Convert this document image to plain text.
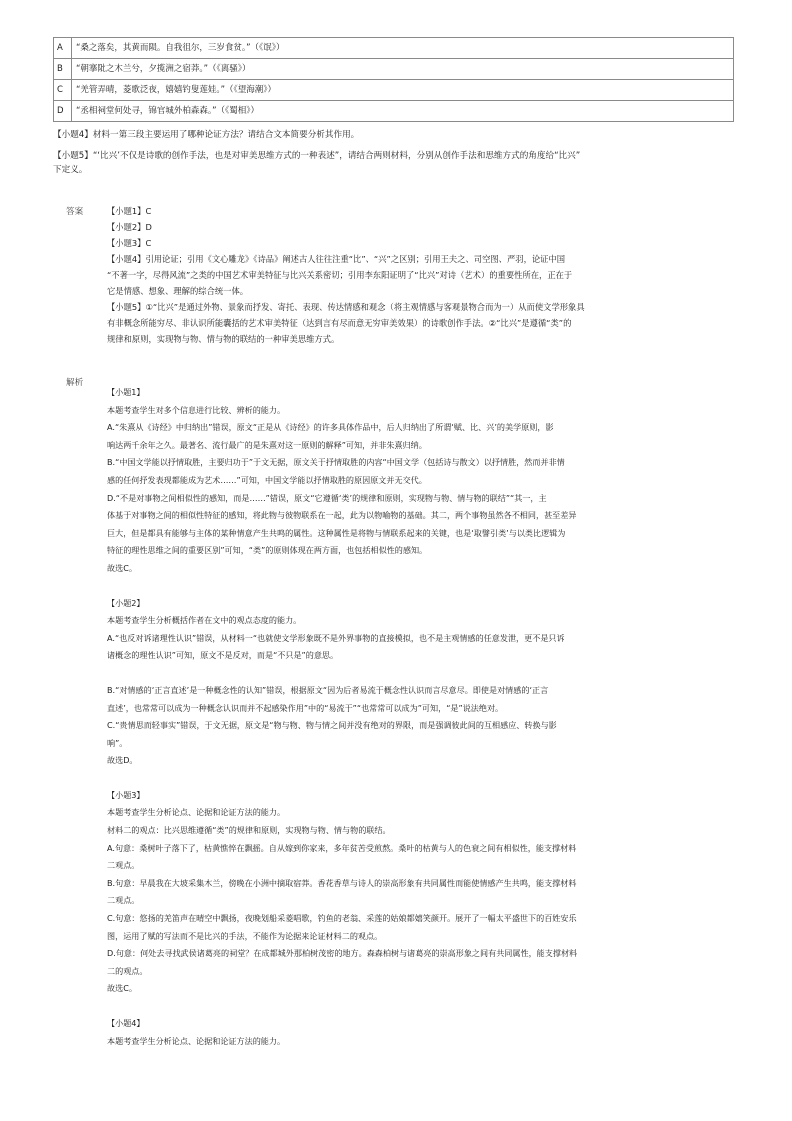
A	“桑之落矣，其黄而陨。自我徂尔，三岁食贫。”（《氓》）
B	“朝搴阰之木兰兮，夕揽洲之宿莽。”（《离骚》）
C	“羌管弄晴，菱歌泛夜，嬉嬉钓叟莲娃。”（《望海潮》）
D	“丞相祠堂何处寻，锦官城外柏森森。”（《蜀相》）
【小题4】材料一第三段主要运用了哪种论证方法？请结合文本简要分析其作用。
【小题5】“‘比兴’不仅是诗歌的创作手法，也是对审美思维方式的一种表述”，请结合两则材料，分别从创作手法和思维方式的角度给“比兴”
下定义。
答案	【小题1】C
【小题2】D
【小题3】C
【小题4】引用论证；引用《文心雕龙》《诗品》阐述古人往往注重“比”、“兴”之区别；引用王夫之、司空图、严羽，论证中国
“不著一字，尽得风流”之类的中国艺术审美特征与比兴关系密切；引用李东阳证明了“比兴”对诗（艺术）的重要性所在，正在于
它是情感、想象、理解的综合统一体。
【小题5】①“比兴”是通过外物、景象而抒发、寄托、表现、传达情感和观念（将主观情感与客观景物合而为一）从而使文学形象具
有非概念所能穷尽、非认识所能囊括的艺术审美特征（达到言有尽而意无穷审美效果）的诗歌创作手法。②“比兴”是遵循“类”的
规律和原则，实现物与物、情与物的联结的一种审美思维方式。
解析
【小题1】
本题考查学生对多个信息进行比较、辨析的能力。
A.“朱熹从《诗经》中归纳出”错误，原文“正是从《诗经》的许多具体作品中，后人归纳出了所谓‘赋、比、兴’的美学原则，影
响达两千余年之久。最著名、流行最广的是朱熹对这一原则的解释”可知，并非朱熹归纳。
B.“中国文学能以抒情取胜，主要归功于”于文无据，原文关于抒情取胜的内容“中国文学（包括诗与散文）以抒情胜，然而并非情
感的任何抒发表现都能成为艺术……”可知，中国文学能以抒情取胜的原因原文并无交代。
D.“不是对事物之间相似性的感知，而是……”错误，原文“它遵循‘类’的规律和原则，实现物与物、情与物的联结”“其一，主
体基于对事物之间的相似性特征的感知，将此物与彼物联系在一起，此为以物喻物的基础。其二，两个事物虽然各不相同，甚至差异
巨大，但是都具有能够与主体的某种情意产生共鸣的属性。这种属性是将物与情联系起来的关键，也是‘取譬引类’与以类比逻辑为
特征的理性思维之间的重要区别”可知，“类”的原则体现在两方面，也包括相似性的感知。
故选C。
【小题2】
本题考查学生分析概括作者在文中的观点态度的能力。
A.“也反对诉诸理性认识”错误，从材料一“也就使文学形象既不是外界事物的直接模拟，也不是主观情感的任意发泄，更不是只诉
诸概念的理性认识”可知，原文不是反对，而是“不只是”的意思。
B.“对情感的‘正言直述’是一种概念性的认知”错误，根据原文“因为后者易流于概念性认识而言尽意尽。即使是对情感的‘正言
直述’，也常常可以成为一种概念认识而并不起感染作用”中的“易流于”“也常常可以成为”可知，“是”说法绝对。
C.“贵情思而轻事实”错误，于文无据，原文是“物与物、物与情之间并没有绝对的界限，而是强调彼此间的互相感应、转换与影
响”。
故选D。
【小题3】
本题考查学生分析论点、论据和论证方法的能力。
材料二的观点：比兴思维遵循“类”的规律和原则，实现物与物、情与物的联结。
A.句意：桑树叶子落下了，枯黄憔悴在飘摇。自从嫁到你家来，多年贫苦受煎熬。桑叶的枯黄与人的色衰之间有相似性，能支撑材料
二观点。
B.句意：早晨我在大坡采集木兰，傍晚在小洲中摘取宿莽。香花香草与诗人的崇高形象有共同属性而能使情感产生共鸣，能支撑材料
二观点。
C.句意：悠扬的羌笛声在晴空中飘扬，夜晚划船采菱唱歌，钓鱼的老翁、采莲的姑娘都嬉笑颜开。展开了一幅太平盛世下的百姓安乐
图，运用了赋的写法而不是比兴的手法，不能作为论据来论证材料二的观点。
D.句意：何处去寻找武侯诸葛亮的祠堂？在成都城外那柏树茂密的地方。森森柏树与诸葛亮的崇高形象之间有共同属性，能支撑材料
二的观点。
故选C。
【小题4】
本题考查学生分析论点、论据和论证方法的能力。
